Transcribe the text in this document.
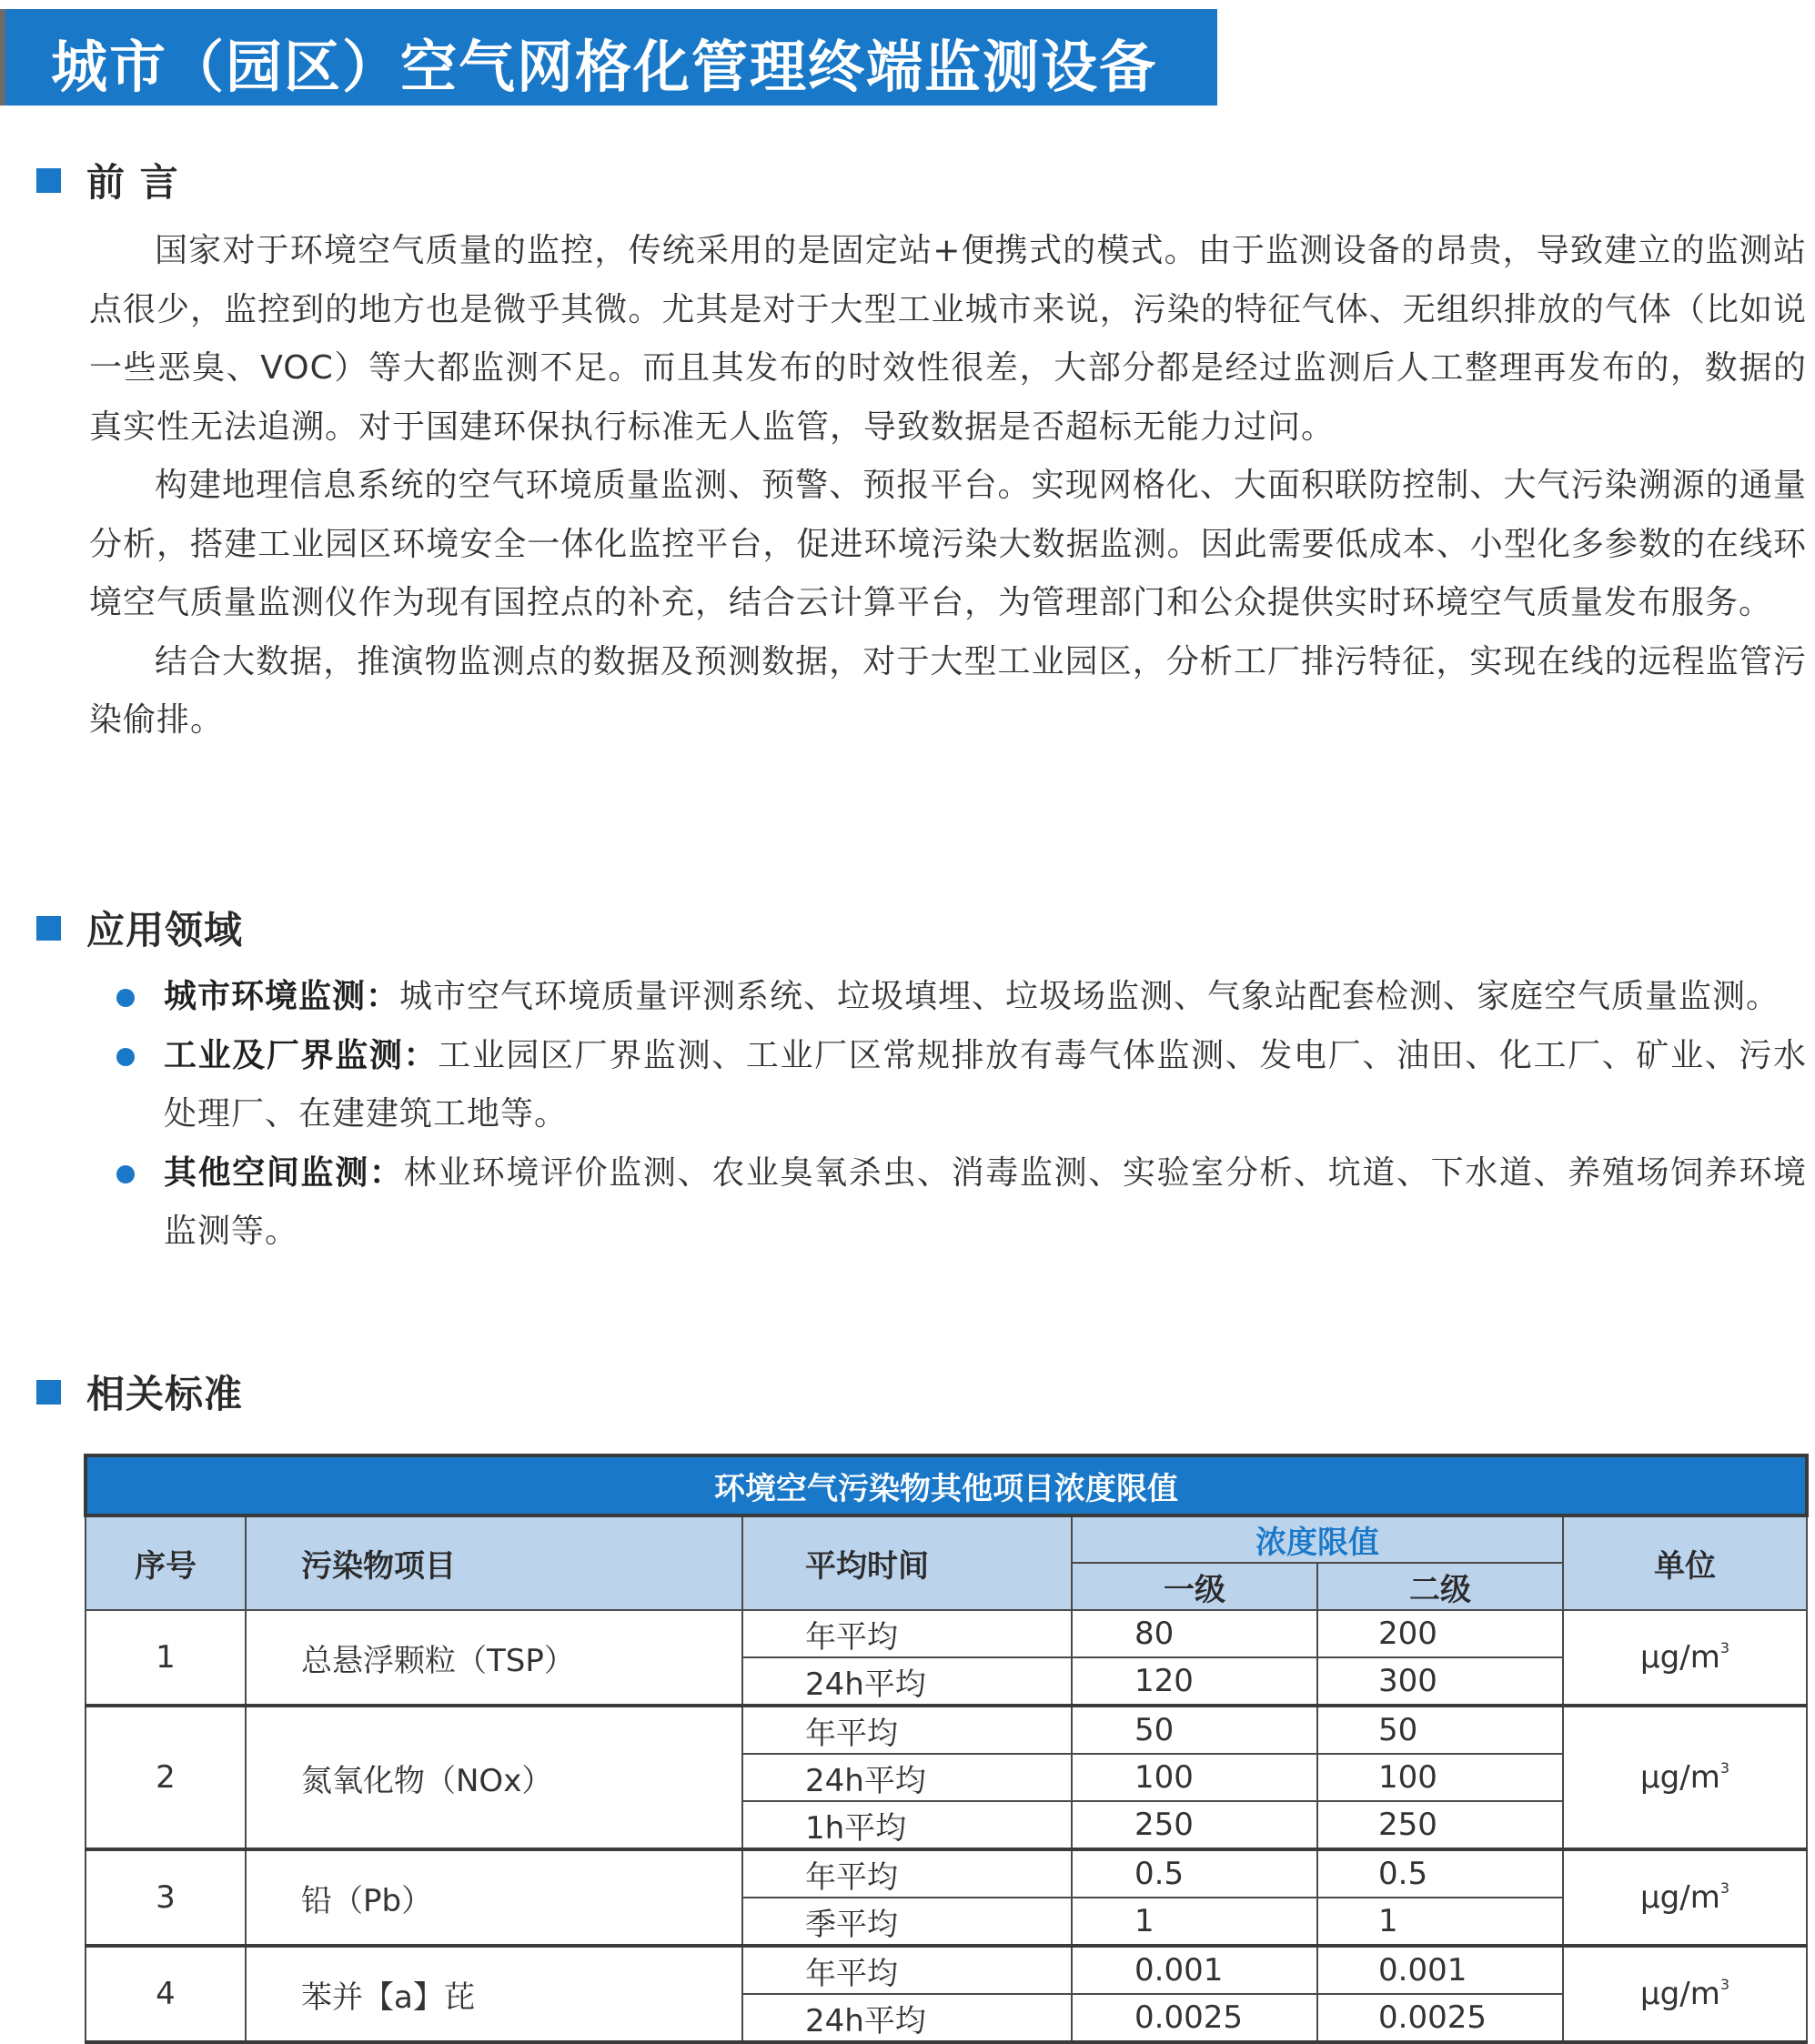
城市（园区）空气网格化管理终端监测设备
前 言

国家对于环境空气质量的监控，传统采用的是固定站+便携式的模式。由于监测设备的昂贵，导致建立的监测站点很少，监控到的地方也是微乎其微。尤其是对于大型工业城市来说，污染的特征气体、无组织排放的气体（比如说一些恶臭、VOC）等大都监测不足。而且其发布的时效性很差，大部分都是经过监测后人工整理再发布的，数据的真实性无法追溯。对于国建环保执行标准无人监管，导致数据是否超标无能力过问。

构建地理信息系统的空气环境质量监测、预警、预报平台。实现网格化、大面积联防控制、大气污染溯源的通量分析，搭建工业园区环境安全一体化监控平台，促进环境污染大数据监测。因此需要低成本、小型化多参数的在线环境空气质量监测仪作为现有国控点的补充，结合云计算平台，为管理部门和公众提供实时环境空气质量发布服务。

结合大数据，推演物监测点的数据及预测数据，对于大型工业园区，分析工厂排污特征，实现在线的远程监管污染偷排。

应用领域
城市环境监测：城市空气环境质量评测系统、垃圾填埋、垃圾场监测、气象站配套检测、家庭空气质量监测。
工业及厂界监测：工业园区厂界监测、工业厂区常规排放有毒气体监测、发电厂、油田、化工厂、矿业、污水处理厂、在建建筑工地等。
其他空间监测：林业环境评价监测、农业臭氧杀虫、消毒监测、实验室分析、坑道、下水道、养殖场饲养环境监测等。
相关标准
环境空气污染物其他项目浓度限值					
序号	污染物项目	平均时间	浓度限值		单位
			一级	二级	
1	总悬浮颗粒（TSP）	年平均	80	200	$\mu g/m^3$
		24h平均	120	300	
2	氮氧化物（NOx）	年平均	50	50	$\mu g/m^3$
		24h平均	100	100	
		1h平均	250	250	
3	铅（Pb）	年平均	0.5	0.5	$\mu g/m^3$
		季平均	1	1	
4	苯并【a】芘	年平均	0.001	0.001	$\mu g/m^3$
		24h平均	0.0025	0.0025	
